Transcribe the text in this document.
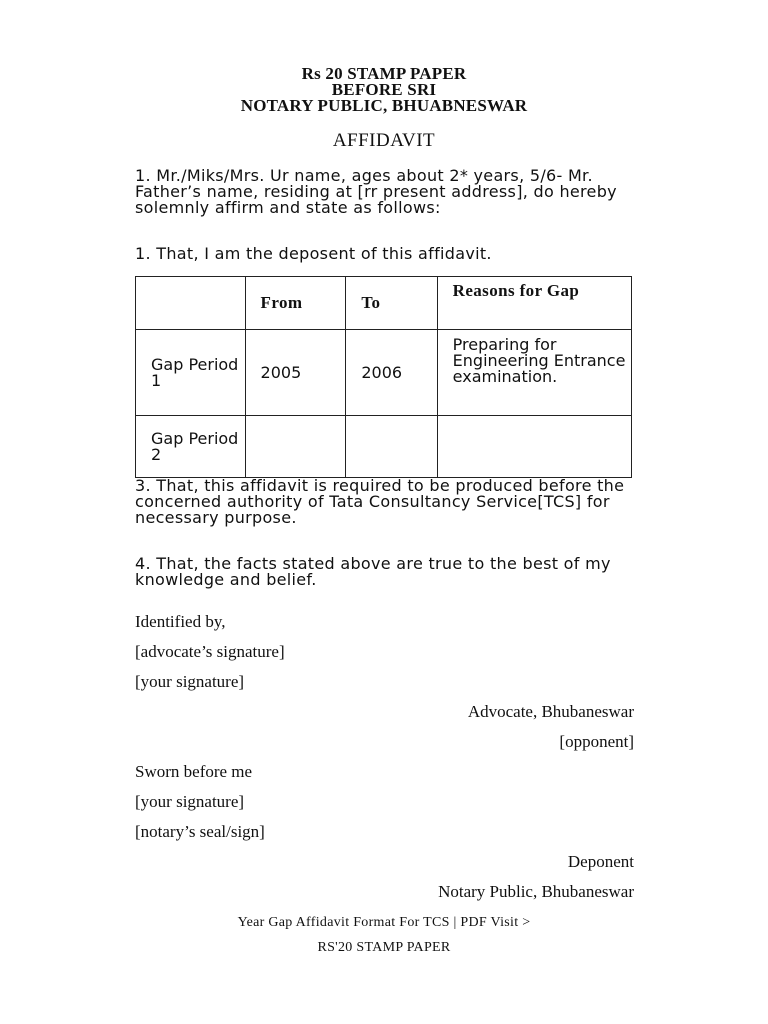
Rs 20 STAMP PAPER
BEFORE SRI
NOTARY PUBLIC, BHUABNESWAR
AFFIDAVIT

1. Mr./Miks/Mrs. Ur name, ages about 2* years, 5/6- Mr. Father’s name, residing at [rr present address], do hereby solemnly affirm and state as follows:

1. That, I am the deposent of this affidavit.

	From	To	Reasons for Gap
Gap Period 1	2005	2006	Preparing for Engineering Entrance examination.
Gap Period 2			

3. That, this affidavit is required to be produced before the concerned authority of Tata Consultancy Service[TCS] for necessary purpose.

4. That, the facts stated above are true to the best of my knowledge and belief.

Identified by,

[advocate’s signature]

[your signature]

Advocate, Bhubaneswar

[opponent]

Sworn before me

[your signature]

[notary’s seal/sign]

Deponent

Notary Public, Bhubaneswar

Year Gap Affidavit Format For TCS | PDF Visit >

RS'20 STAMP PAPER
